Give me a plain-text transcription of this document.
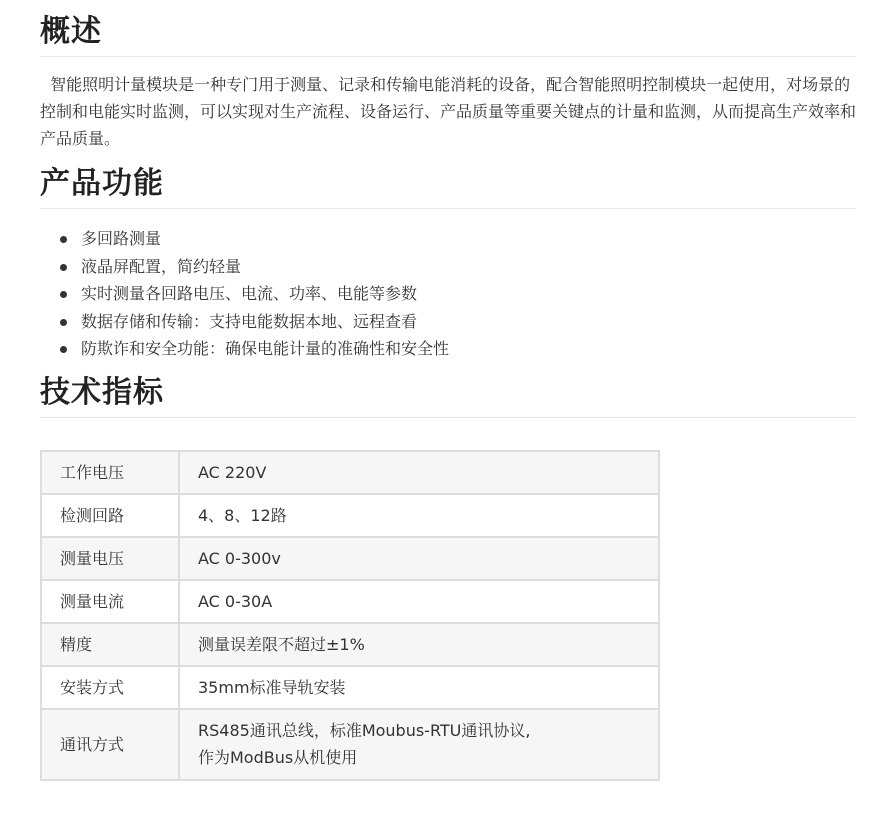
概述

智能照明计量模块是一种专门用于测量、记录和传输电能消耗的设备，配合智能照明控制模块一起使用，对场景的控制和电能实时监测，可以实现对生产流程、设备运行、产品质量等重要关键点的计量和监测，从而提高生产效率和产品质量。

产品功能
多回路测量
液晶屏配置，简约轻量
实时测量各回路电压、电流、功率、电能等参数
数据存储和传输：支持电能数据本地、远程查看
防欺诈和安全功能：确保电能计量的准确性和安全性
技术指标
工作电压	AC 220V
检测回路	4、8、12路
测量电压	AC 0-300v
测量电流	AC 0-30A
精度	测量误差限不超过±1%
安装方式	35mm标准导轨安装
通讯方式	RS485通讯总线，标准Moubus-RTU通讯协议,
作为ModBus从机使用
